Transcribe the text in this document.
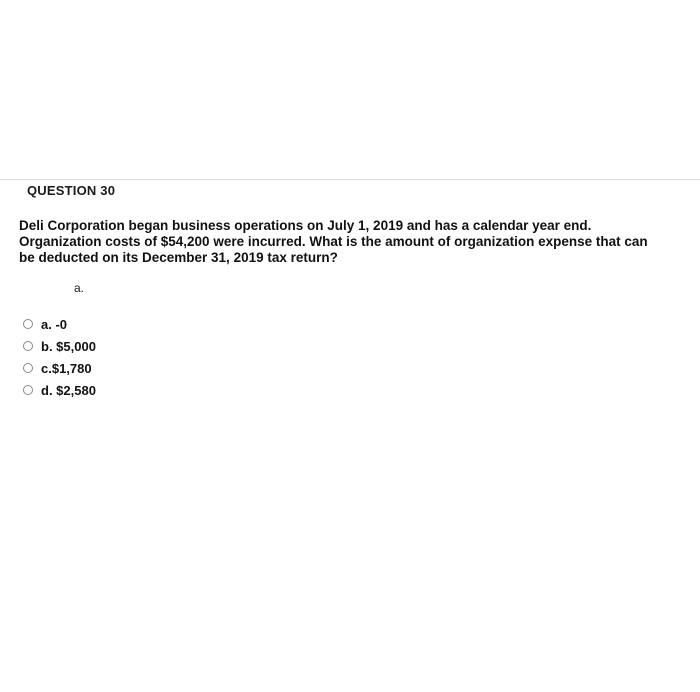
QUESTION 30
Deli Corporation began business operations on July 1, 2019 and has a calendar year end.
Organization costs of $54,200 were incurred. What is the amount of organization expense that can
be deducted on its December 31, 2019 tax return?
a.
a. -0
b. $5,000
c.$1,780
d. $2,580
